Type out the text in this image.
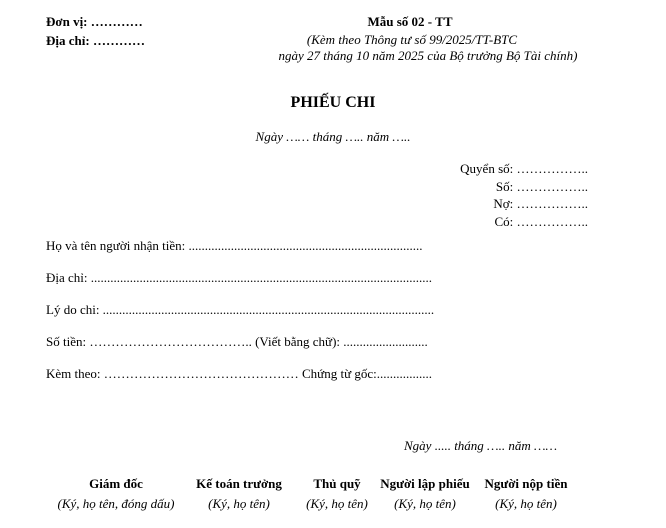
Đơn vị: …………
Địa chỉ: …………
Mẫu số 02 - TT
(Kèm theo Thông tư số 99/2025/TT-BTC
ngày 27 tháng 10 năm 2025 của Bộ trưởng Bộ Tài chính)
PHIẾU CHI
Ngày …… tháng ….. năm …..
Quyển số: ……………..
Số: ……………..
Nợ: ……………..
Có: ……………..
Họ và tên người nhận tiền: ........................................................................
Địa chỉ: .........................................................................................................
Lý do chi: ......................................................................................................
Số tiền: ……………………………….. (Viết bằng chữ): ..........................
Kèm theo: ……………………………………… Chứng từ gốc:.................
Ngày ..... tháng ….. năm ……
Giám đốc
(Ký, họ tên, đóng dấu)
Kế toán trưởng
(Ký, họ tên)
Thủ quỹ
(Ký, họ tên)
Người lập phiếu
(Ký, họ tên)
Người nộp tiền
(Ký, họ tên)
